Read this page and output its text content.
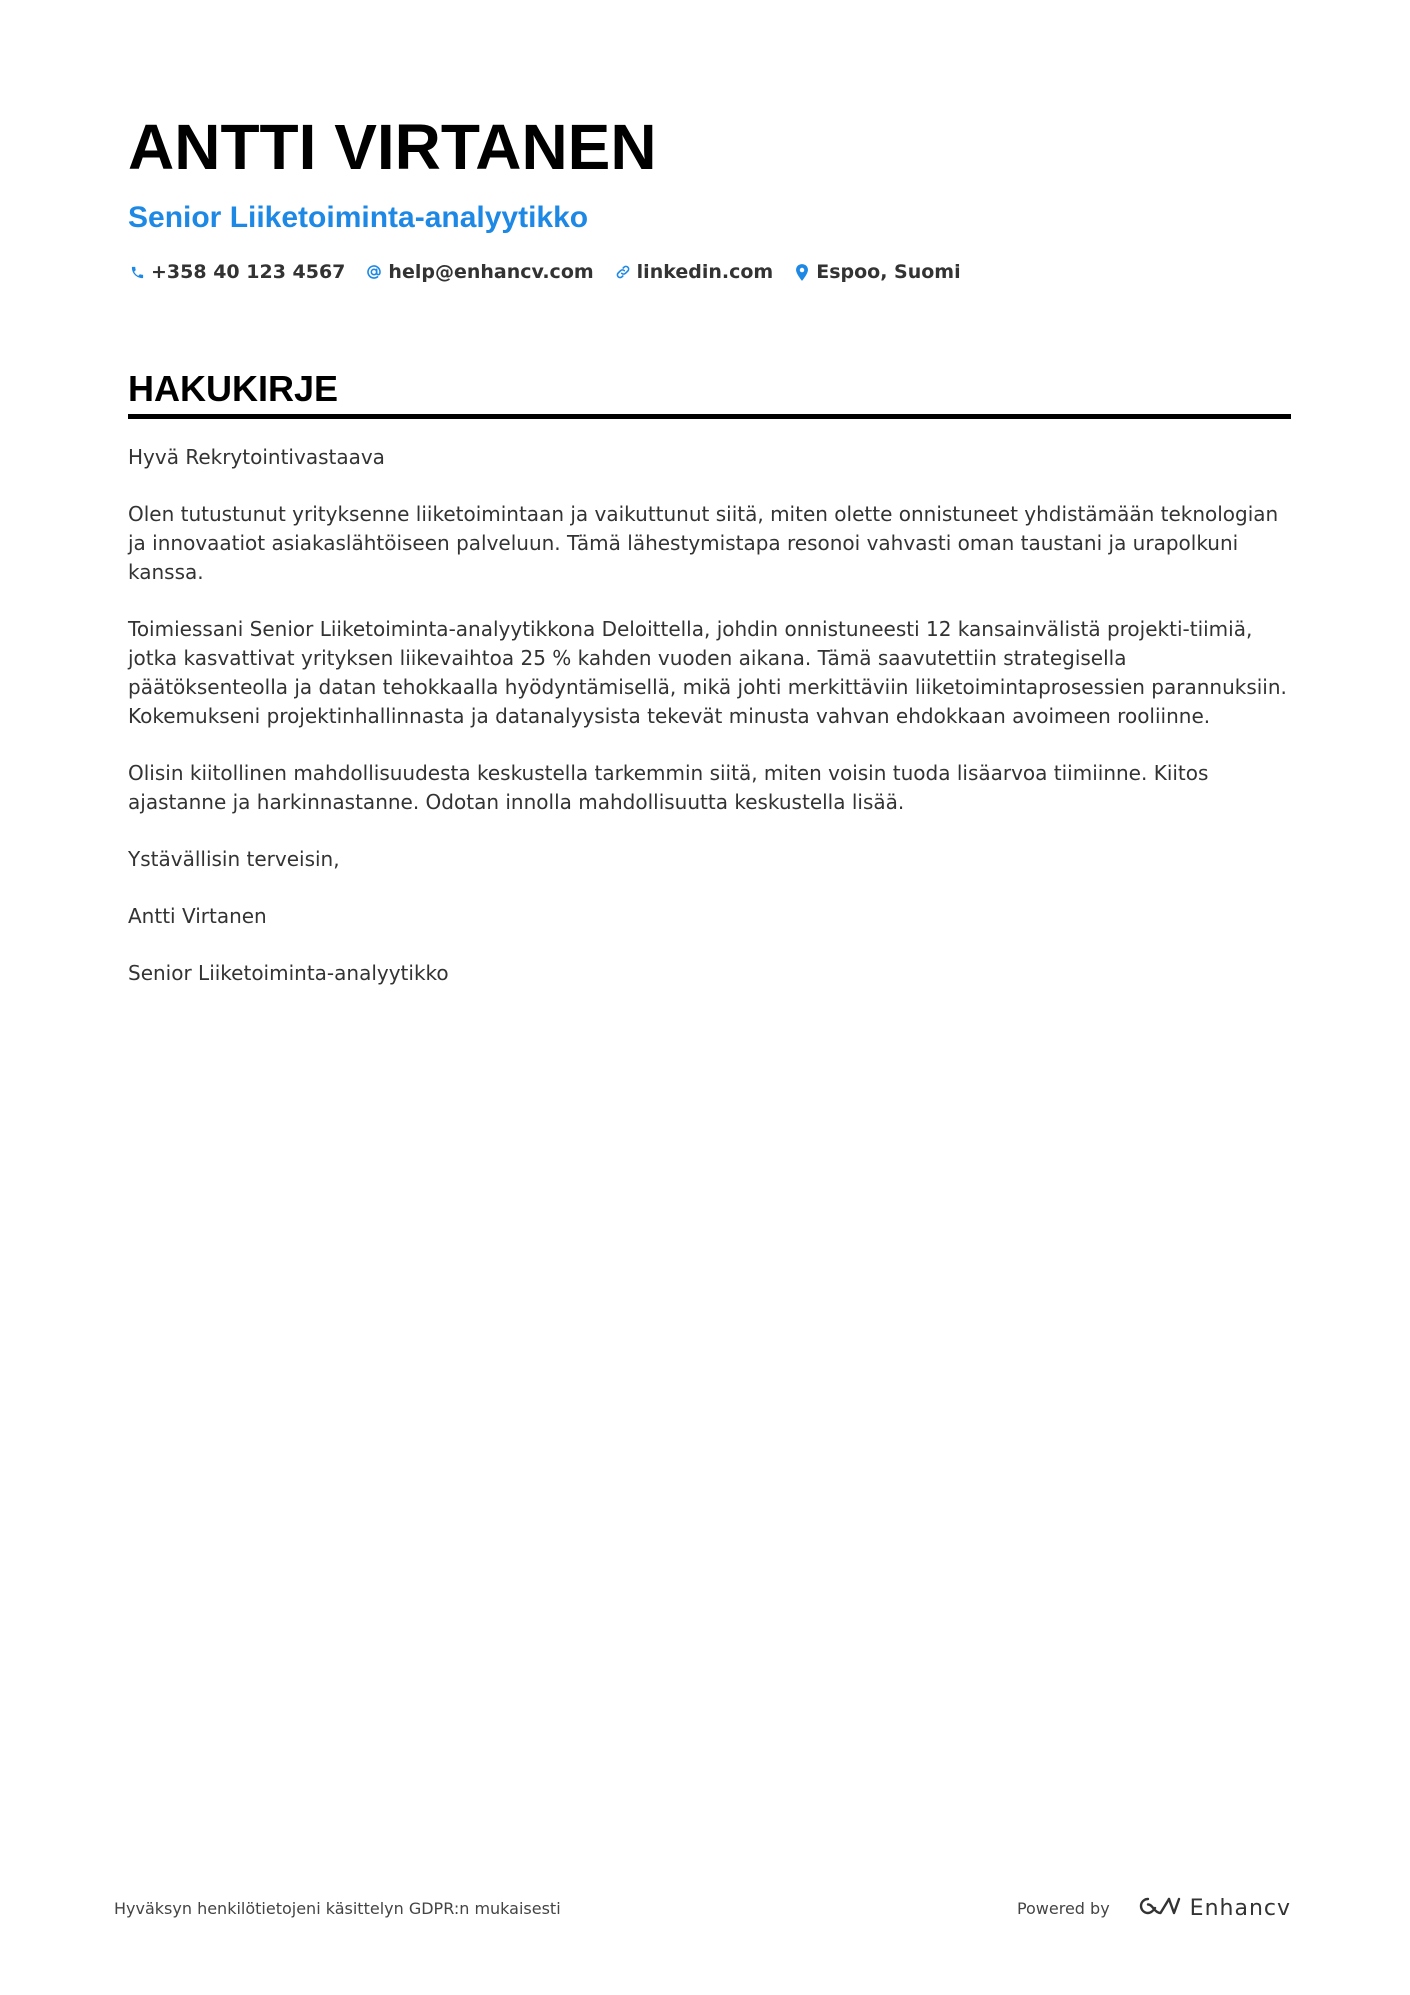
ANTTI VIRTANEN
Senior Liiketoiminta-analyytikko
+358 40 123 4567 help@enhancv.com linkedin.com Espoo, Suomi
HAKUKIRJE

Hyvä Rekrytointivastaava

Olen tutustunut yrityksenne liiketoimintaan ja vaikuttunut siitä, miten olette onnistuneet yhdistämään teknologian ja innovaatiot asiakaslähtöiseen palveluun. Tämä lähestymistapa resonoi vahvasti oman taustani ja urapolkuni kanssa.

Toimiessani Senior Liiketoiminta-analyytikkona Deloittella, johdin onnistuneesti 12 kansainvälistä projekti-tiimiä, jotka kasvattivat yrityksen liikevaihtoa 25 % kahden vuoden aikana. Tämä saavutettiin strategisella päätöksenteolla ja datan tehokkaalla hyödyntämisellä, mikä johti merkittäviin liiketoimintaprosessien parannuksiin. Kokemukseni projektinhallinnasta ja datanalyysista tekevät minusta vahvan ehdokkaan avoimeen rooliinne.

Olisin kiitollinen mahdollisuudesta keskustella tarkemmin siitä, miten voisin tuoda lisäarvoa tiimiinne. Kiitos ajastanne ja harkinnastanne. Odotan innolla mahdollisuutta keskustella lisää.

Ystävällisin terveisin,

Antti Virtanen

Senior Liiketoiminta-analyytikko

Hyväksyn henkilötietojeni käsittelyn GDPR:n mukaisesti	Powered by	Enhancv
